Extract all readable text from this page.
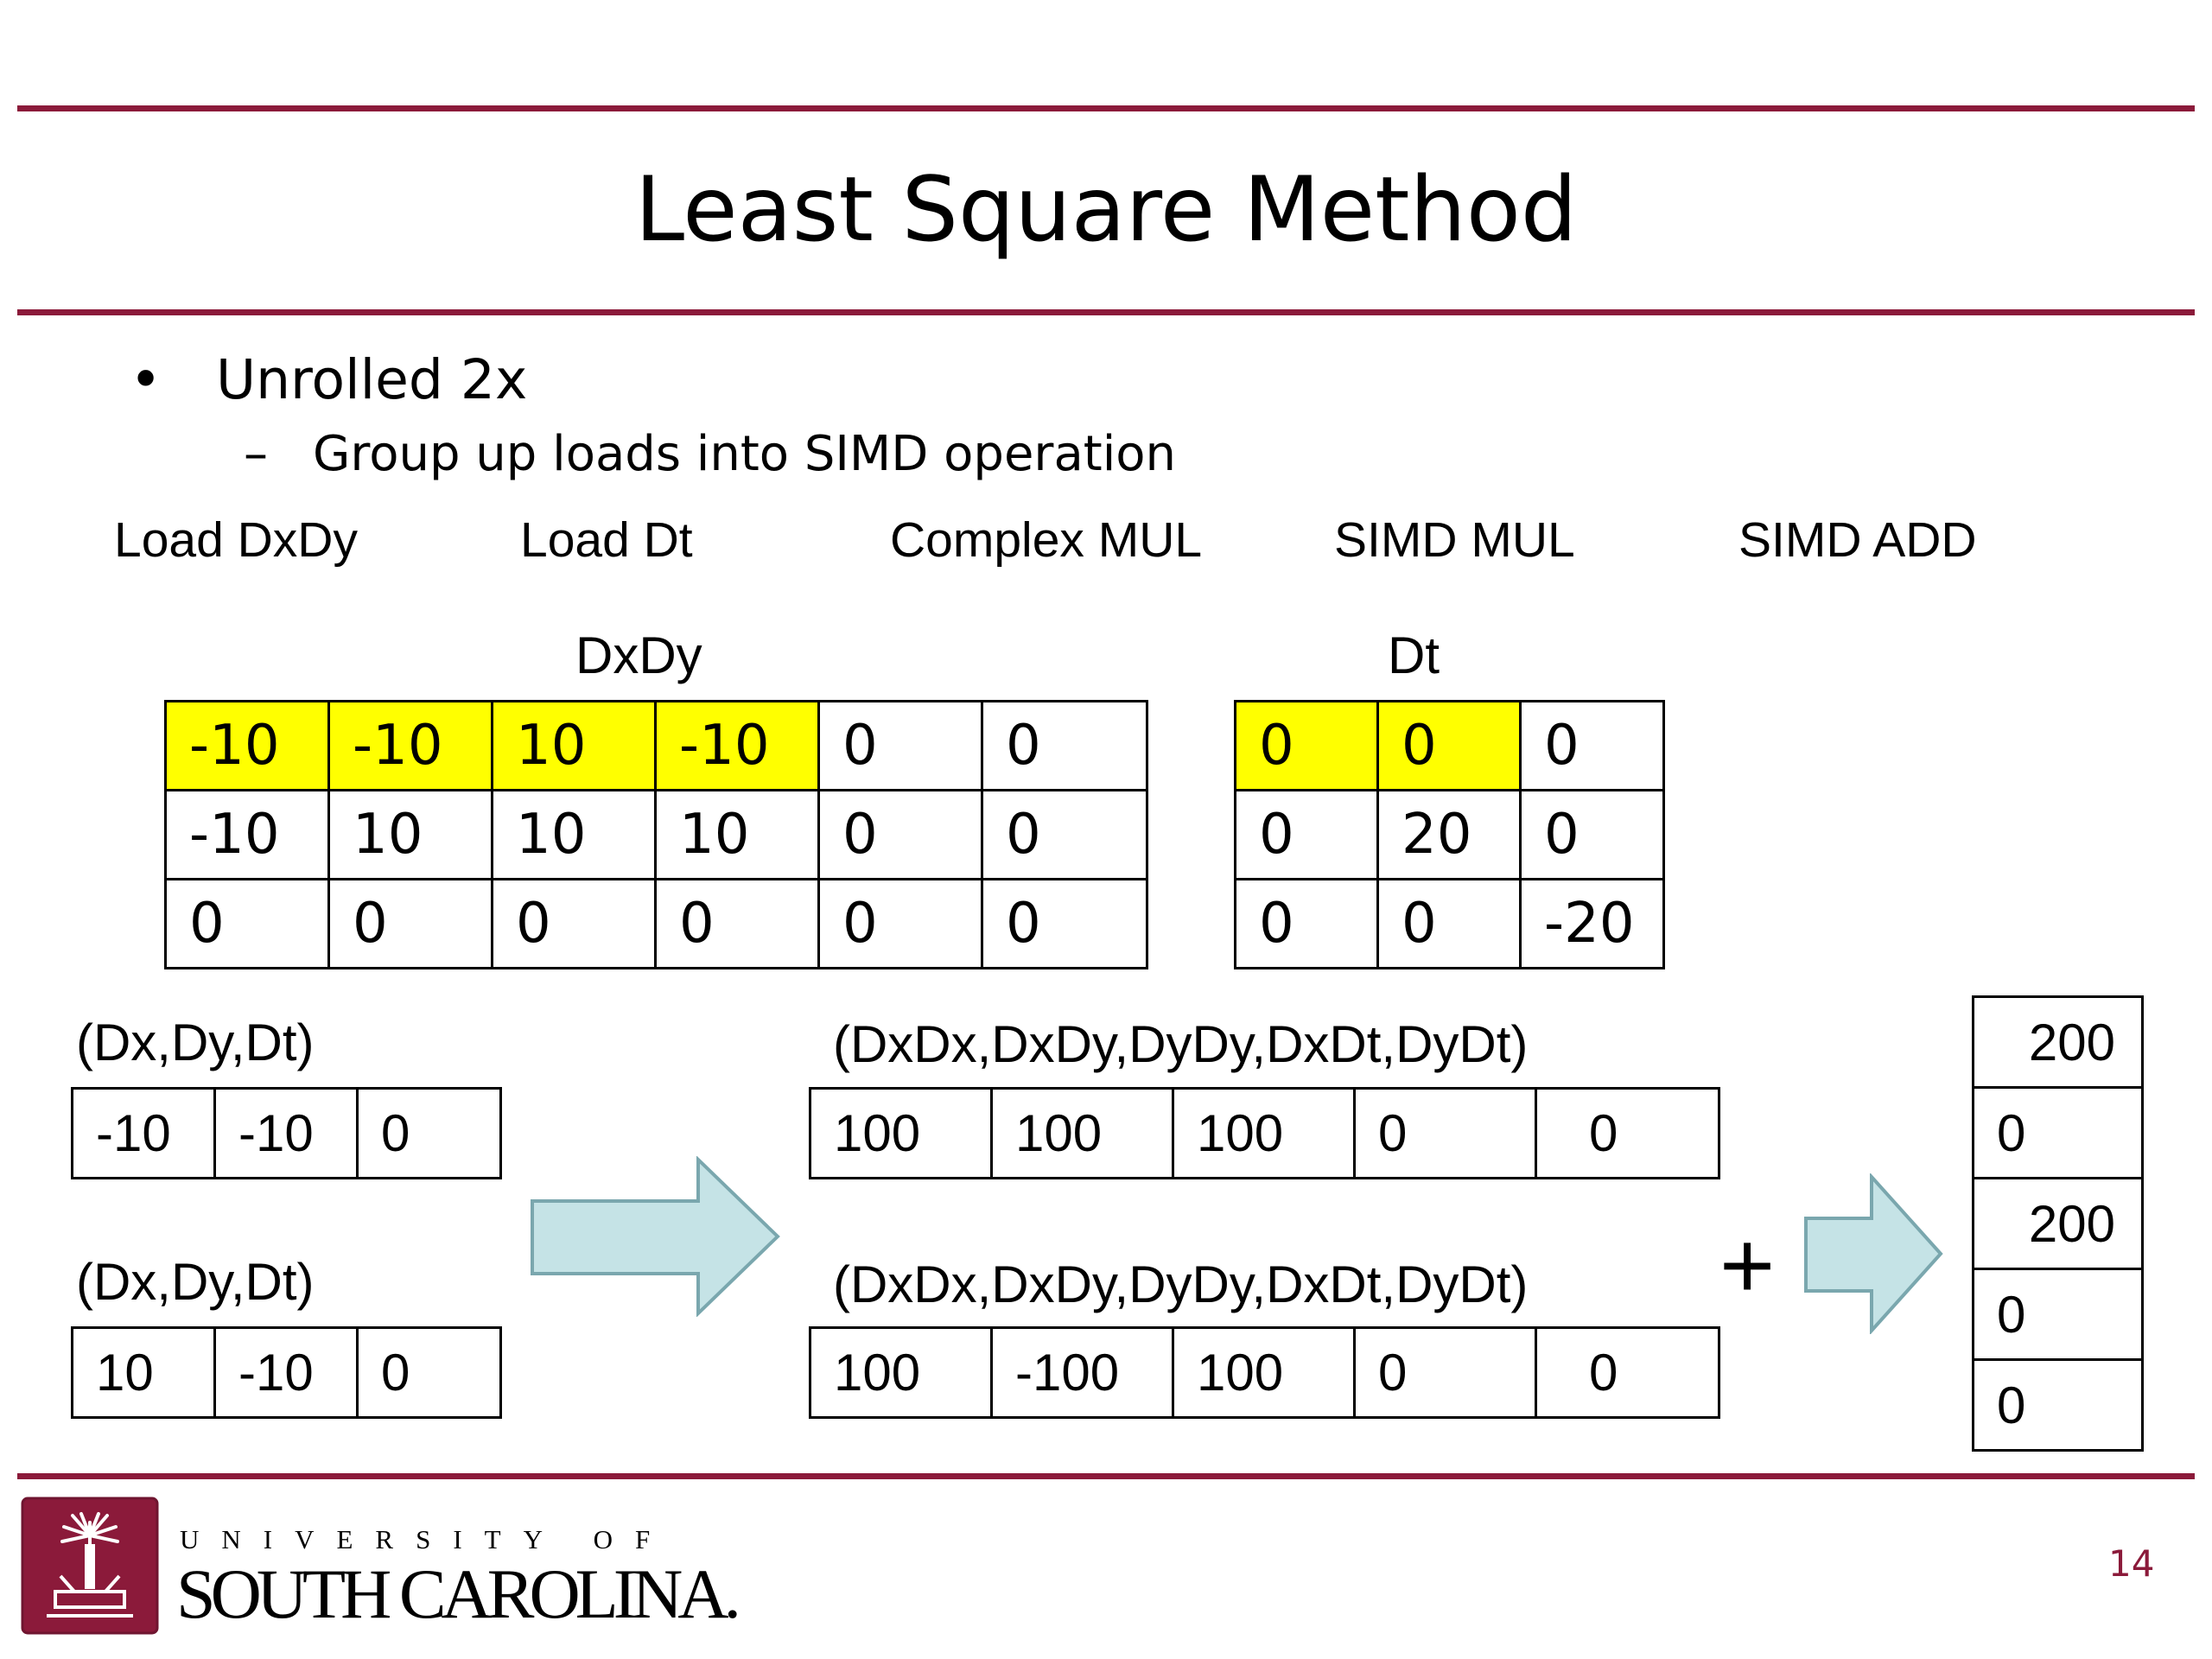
Least Square Method
• Unrolled 2x
– Group up loads into SIMD operation
Load DxDy	Load Dt	Complex MUL	SIMD MUL	SIMD ADD
DxDy
-10	-10	10	-10	0	0
-10	10	10	10	0	0
0	0	0	0	0	0
Dt
0	0	0
0	20	0
0	0	-20
(Dx,Dy,Dt)
-10	-10	0
(Dx,Dy,Dt)
10	-10	0
(DxDx,DxDy,DyDy,DxDt,DyDt)
100	100	100	0	0
(DxDx,DxDy,DyDy,DxDt,DyDt)
100	-100	100	0	0
+
200
0
200
0
0
UNIVERSITY OF
SOUTH CAROLINA.	14
